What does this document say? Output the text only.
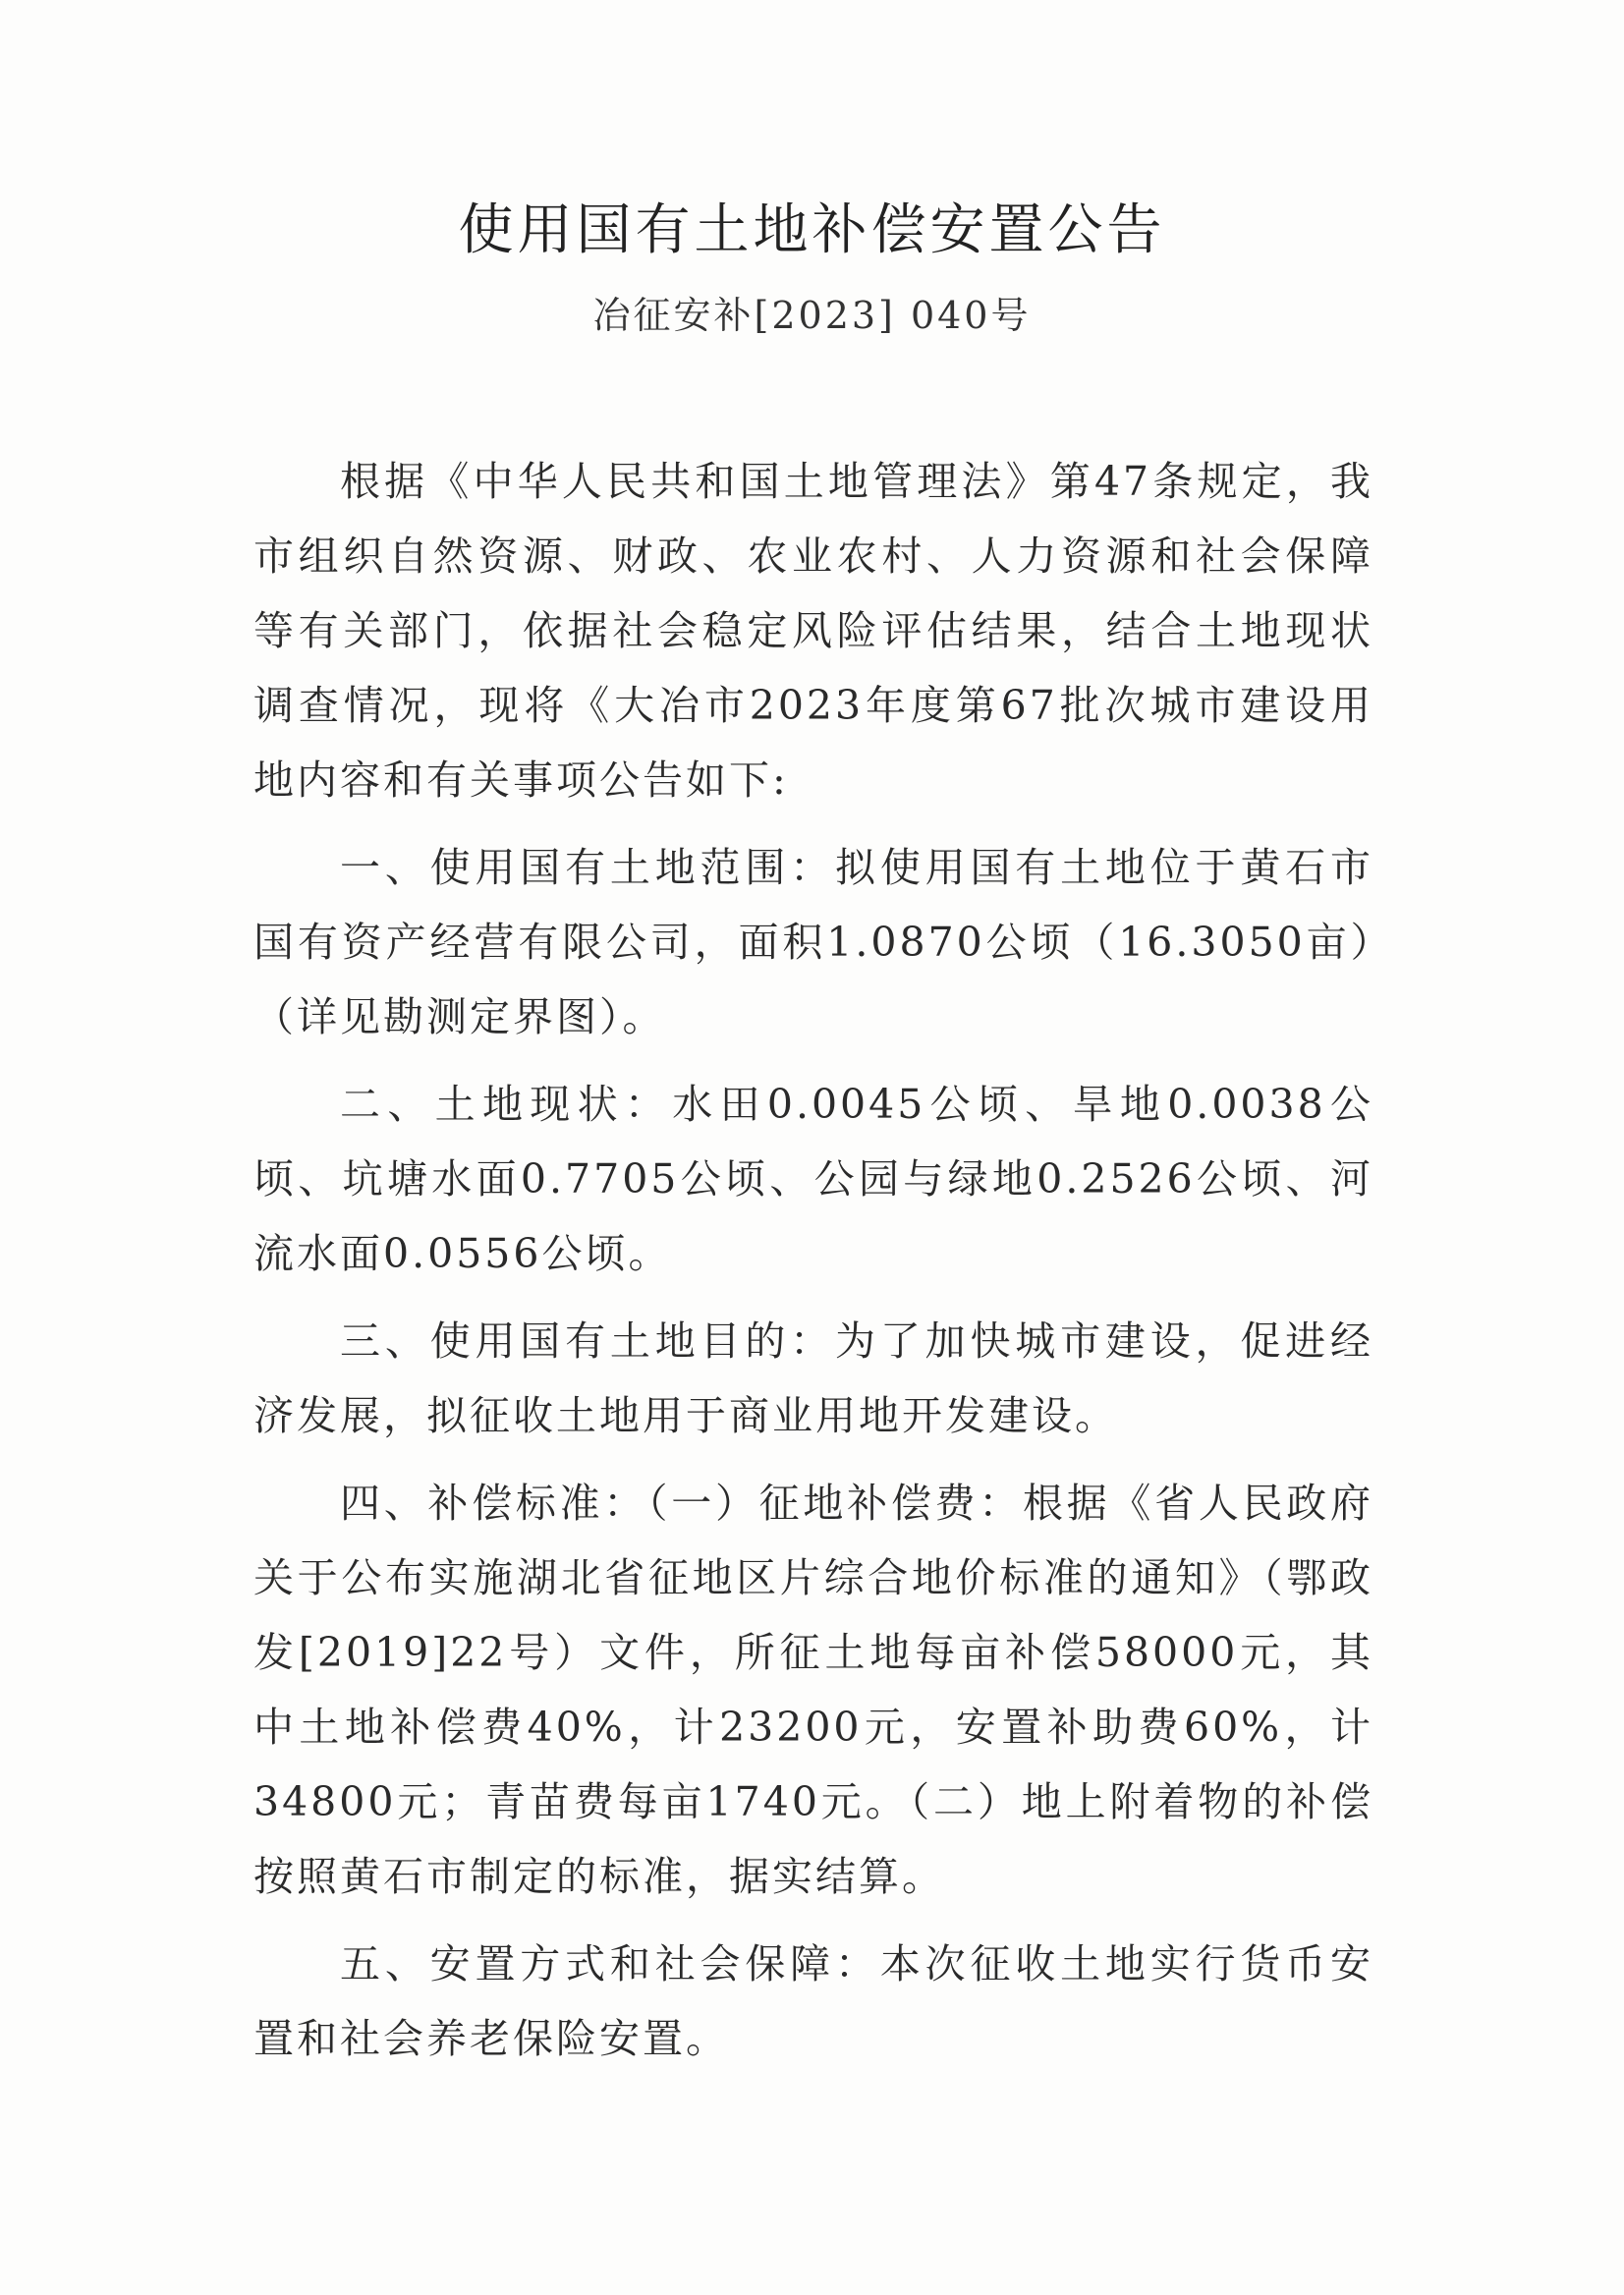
使用国有土地补偿安置公告
冶征安补[2023] 040号

根据《中华人民共和国土地管理法》第47条规定，我市组织自然资源、财政、农业农村、人力资源和社会保障等有关部门，依据社会稳定风险评估结果，结合土地现状调查情况，现将《大冶市2023年度第67批次城市建设用地内容和有关事项公告如下:

一、使用国有土地范围：拟使用国有土地位于黄石市国有资产经营有限公司，面积1.0870公顷（16.3050亩）（详见勘测定界图）。

二、土地现状：水田0.0045公顷、旱地0.0038公顷、坑塘水面0.7705公顷、公园与绿地0.2526公顷、河流水面0.0556公顷。

三、使用国有土地目的：为了加快城市建设，促进经济发展，拟征收土地用于商业用地开发建设。

四、补偿标准：（一）征地补偿费：根据《省人民政府关于公布实施湖北省征地区片综合地价标准的通知》（鄂政发[2019]22号）文件，所征土地每亩补偿58000元，其中土地补偿费40%，计23200元，安置补助费60%，计34800元；青苗费每亩1740元。（二）地上附着物的补偿按照黄石市制定的标准，据实结算。

五、安置方式和社会保障：本次征收土地实行货币安置和社会养老保险安置。
